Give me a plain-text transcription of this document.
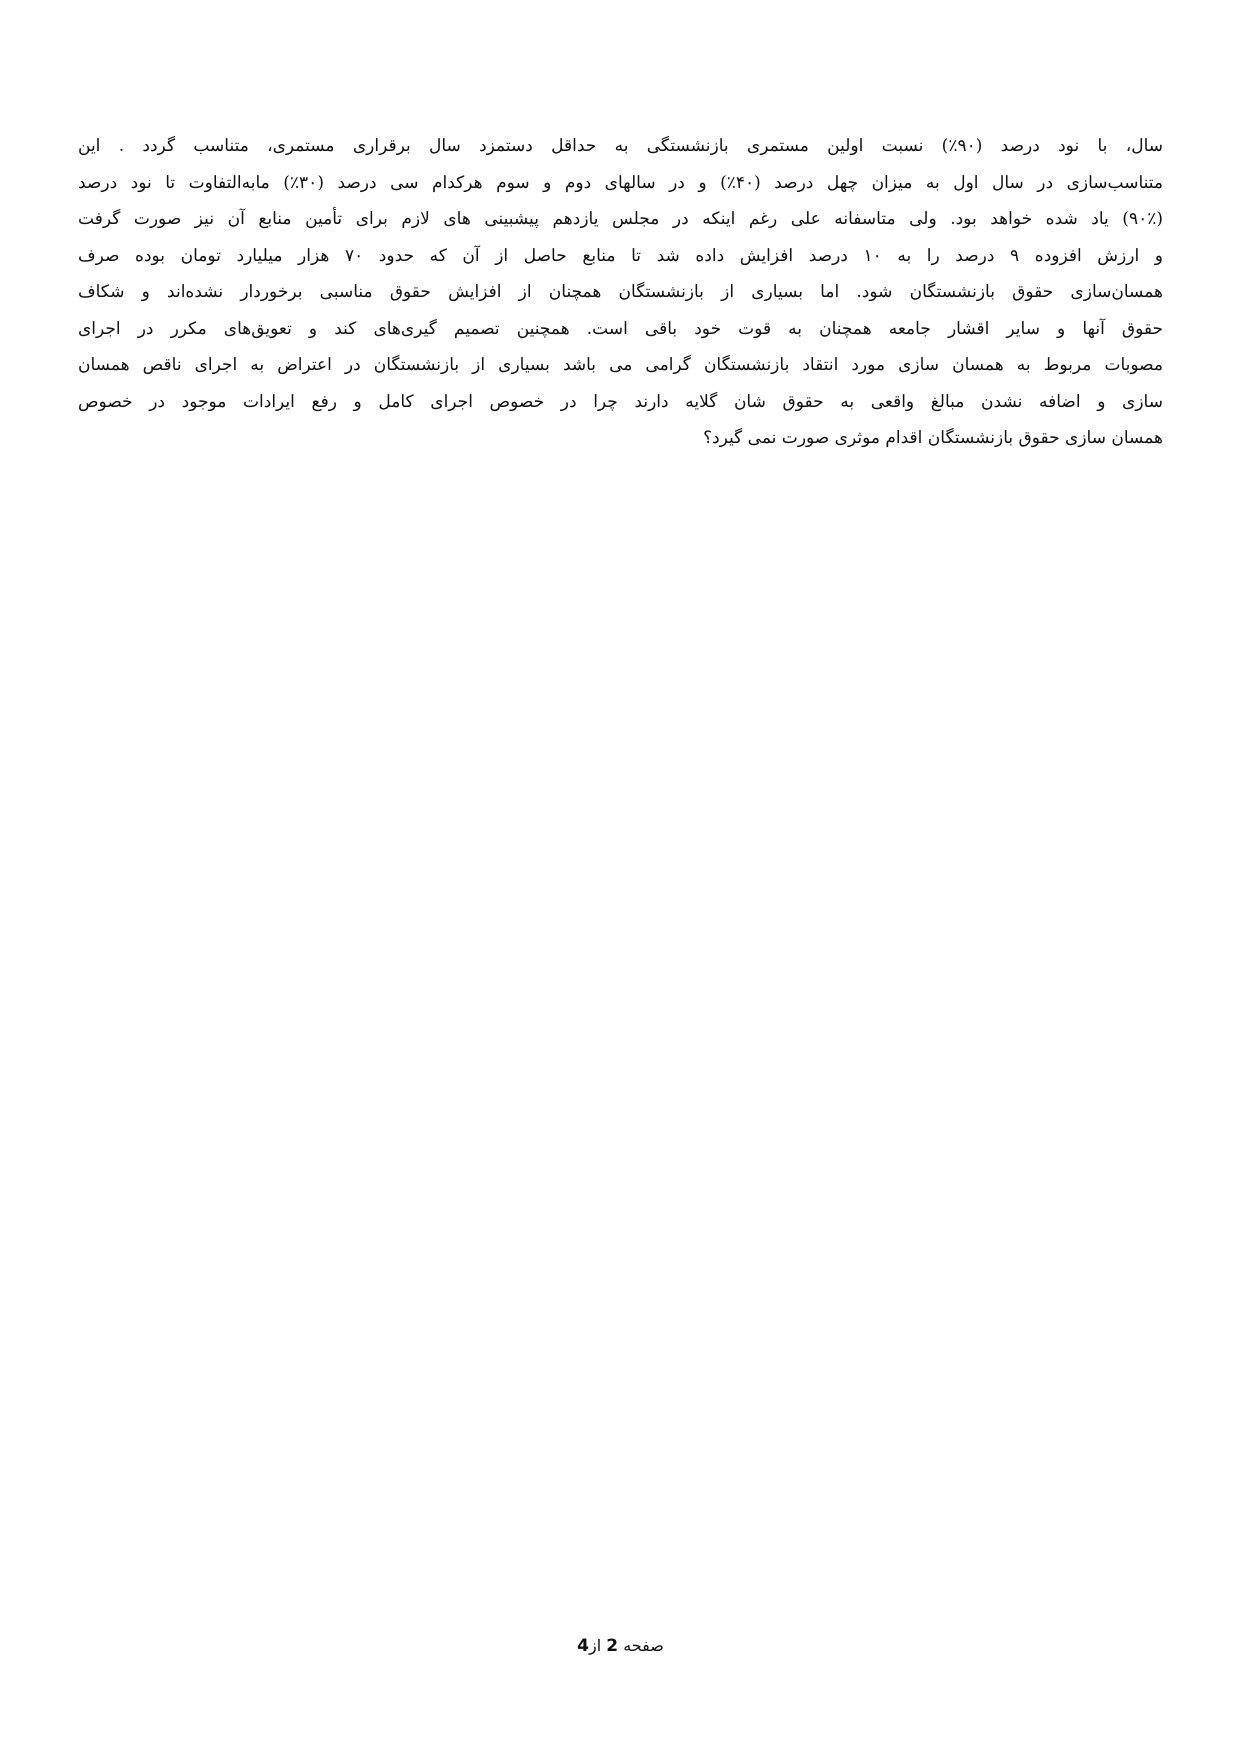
سال، با نود درصد (۹۰٪) نسبت اولین مستمری بازنشستگی به حداقل دستمزد سال برقراری مستمری، متناسب گردد . این
متناسب‌سازی در سال اول به میزان چهل درصد (۴۰٪) و در سالهای دوم و سوم هرکدام سی درصد (۳۰٪) مابه‌التفاوت تا نود درصد
(۹۰٪) یاد شده خواهد بود. ولی متاسفانه علی رغم اینکه در مجلس یازدهم پیشبینی های لازم برای تأمین منابع آن نیز صورت گرفت
و ارزش افزوده ۹ درصد را به ۱۰ درصد افزایش داده شد تا منابع حاصل از آن که حدود ۷۰ هزار میلیارد تومان بوده صرف
همسان‌سازی حقوق بازنشستگان شود. اما بسیاری از بازنشستگان همچنان از افزایش حقوق مناسبی برخوردار نشده‌اند و شکاف
حقوق آنها و سایر اقشار جامعه همچنان به قوت خود باقی است. همچنین تصمیم گیری‌های کند و تعویق‌های مکرر در اجرای
مصوبات مربوط به همسان سازی مورد انتقاد بازنشستگان گرامی می باشد بسیاری از بازنشستگان در اعتراض به اجرای ناقص همسان
سازی و اضافه نشدن مبالغ واقعی به حقوق شان گلایه دارند چرا در خصوص اجرای کامل و رفع ایرادات موجود در خصوص
همسان سازی حقوق بازنشستگان اقدام موثری صورت نمی گیرد؟
صفحه 2 از4
